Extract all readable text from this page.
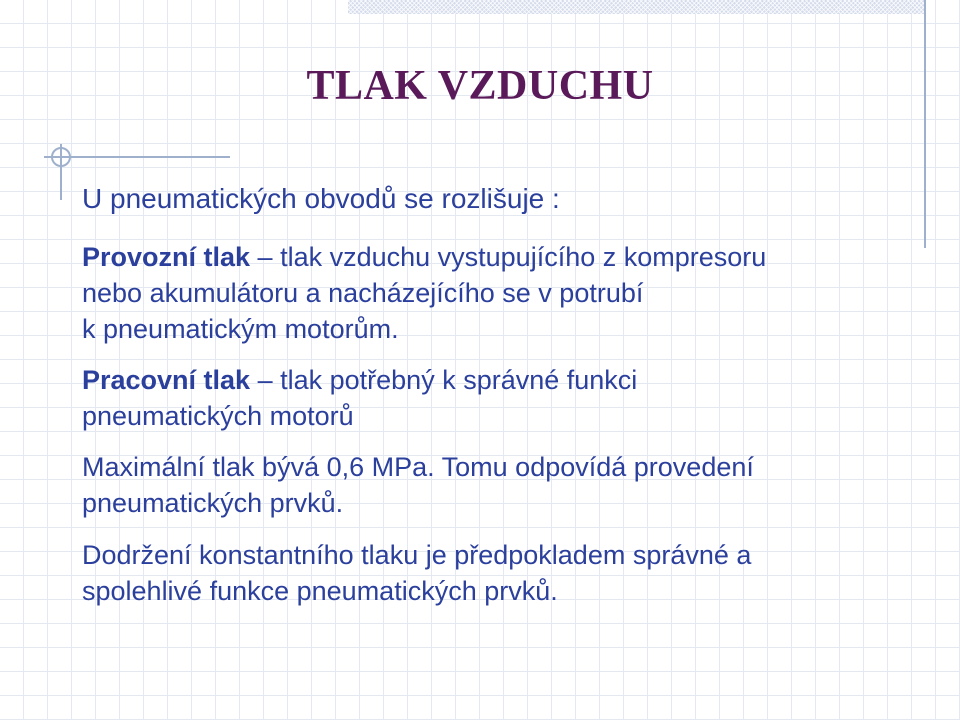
TLAK VZDUCHU

U pneumatických obvodů se rozlišuje :

Provozní tlak – tlak vzduchu vystupujícího z kompresoru
nebo akumulátoru a nacházejícího se v potrubí
k pneumatickým motorům.

Pracovní tlak – tlak potřebný k správné funkci
pneumatických motorů

Maximální tlak bývá 0,6 MPa. Tomu odpovídá provedení
pneumatických prvků.

Dodržení konstantního tlaku je předpokladem správné a
spolehlivé funkce pneumatických prvků.
